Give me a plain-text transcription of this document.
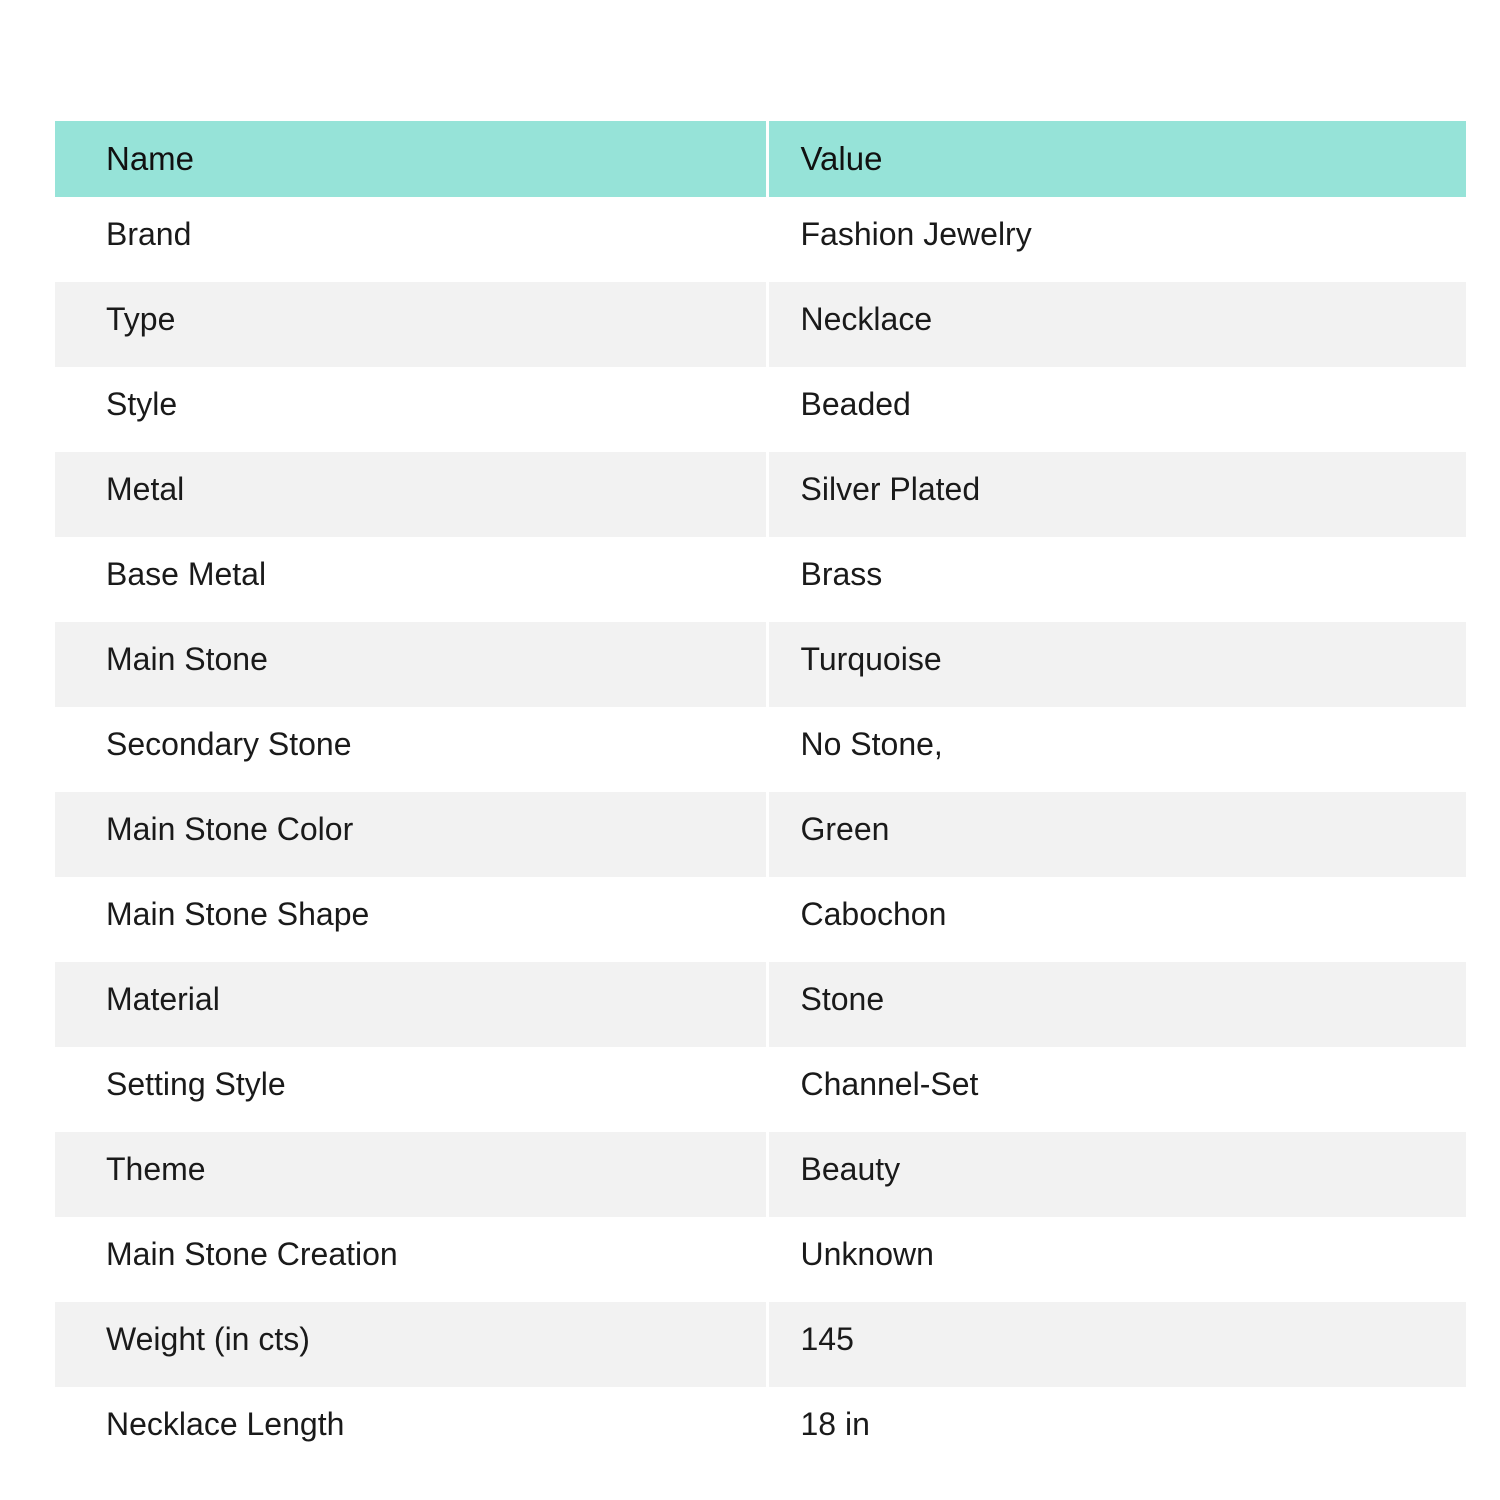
Name	Value
Brand	Fashion Jewelry
Type	Necklace
Style	Beaded
Metal	Silver Plated
Base Metal	Brass
Main Stone	Turquoise
Secondary Stone	No Stone,
Main Stone Color	Green
Main Stone Shape	Cabochon
Material	Stone
Setting Style	Channel-Set
Theme	Beauty
Main Stone Creation	Unknown
Weight (in cts)	145
Necklace Length	18 in
